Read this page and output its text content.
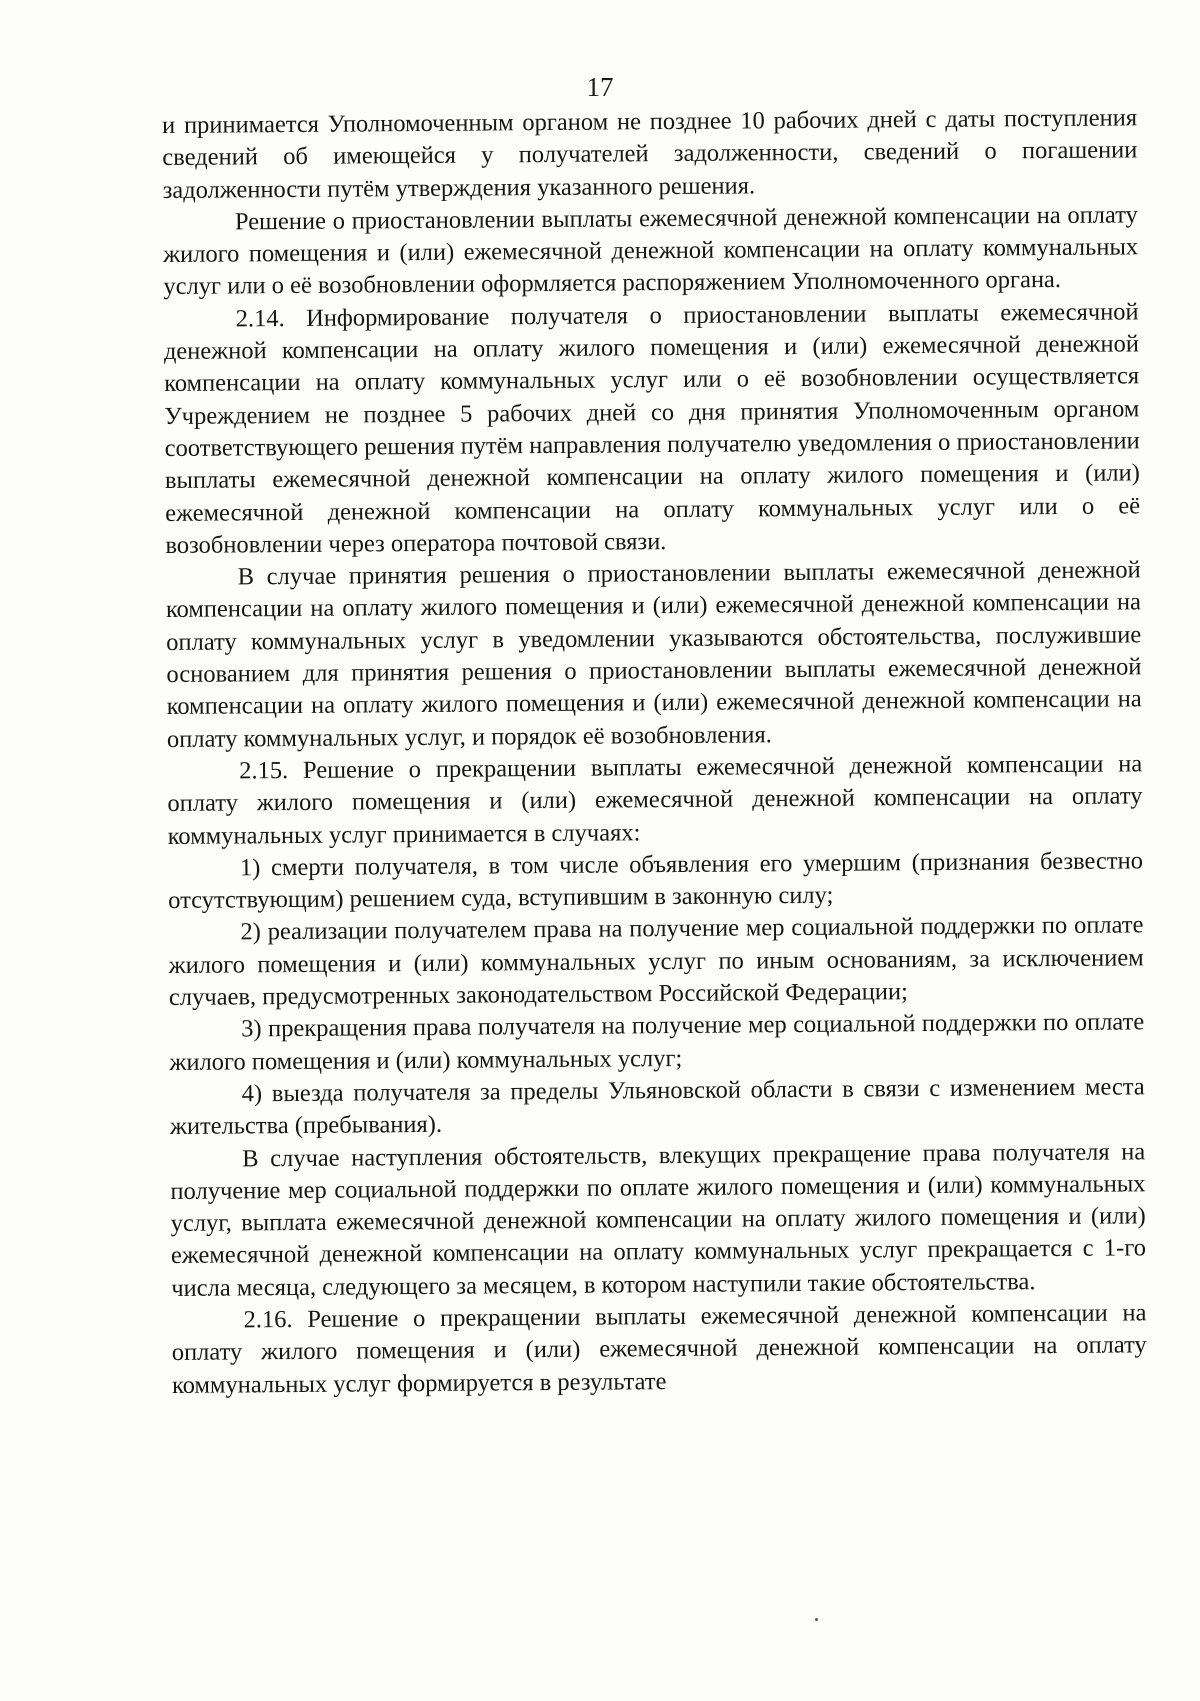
17

и принимается Уполномоченным органом не позднее 10 рабочих дней с даты поступления сведений об имеющейся у получателей задолженности, сведений о погашении задолженности путём утверждения указанного решения.

Решение о приостановлении выплаты ежемесячной денежной компенсации на оплату жилого помещения и (или) ежемесячной денежной компенсации на оплату коммунальных услуг или о её возобновлении оформляется распоряжением Уполномоченного органа.

2.14. Информирование получателя о приостановлении выплаты ежемесячной денежной компенсации на оплату жилого помещения и (или) ежемесячной денежной компенсации на оплату коммунальных услуг или о её возобновлении осуществляется Учреждением не позднее 5 рабочих дней со дня принятия Уполномоченным органом соответствующего решения путём направления получателю уведомления о приостановлении выплаты ежемесячной денежной компенсации на оплату жилого помещения и (или) ежемесячной денежной компенсации на оплату коммунальных услуг или о её возобновлении через оператора почтовой связи.

В случае принятия решения о приостановлении выплаты ежемесячной денежной компенсации на оплату жилого помещения и (или) ежемесячной денежной компенсации на оплату коммунальных услуг в уведомлении указываются обстоятельства, послужившие основанием для принятия решения о приостановлении выплаты ежемесячной денежной компенсации на оплату жилого помещения и (или) ежемесячной денежной компенсации на оплату коммунальных услуг, и порядок её возобновления.

2.15. Решение о прекращении выплаты ежемесячной денежной компенсации на оплату жилого помещения и (или) ежемесячной денежной компенсации на оплату коммунальных услуг принимается в случаях:

1) смерти получателя, в том числе объявления его умершим (признания безвестно отсутствующим) решением суда, вступившим в законную силу;

2) реализации получателем права на получение мер социальной поддержки по оплате жилого помещения и (или) коммунальных услуг по иным основаниям, за исключением случаев, предусмотренных законодательством Российской Федерации;

3) прекращения права получателя на получение мер социальной поддержки по оплате жилого помещения и (или) коммунальных услуг;

4) выезда получателя за пределы Ульяновской области в связи с изменением места жительства (пребывания).

В случае наступления обстоятельств, влекущих прекращение права получателя на получение мер социальной поддержки по оплате жилого помещения и (или) коммунальных услуг, выплата ежемесячной денежной компенсации на оплату жилого помещения и (или) ежемесячной денежной компенсации на оплату коммунальных услуг прекращается с 1-го числа месяца, следующего за месяцем, в котором наступили такие обстоятельства.

2.16. Решение о прекращении выплаты ежемесячной денежной компенсации на оплату жилого помещения и (или) ежемесячной денежной компенсации на оплату коммунальных услуг формируется в результате
